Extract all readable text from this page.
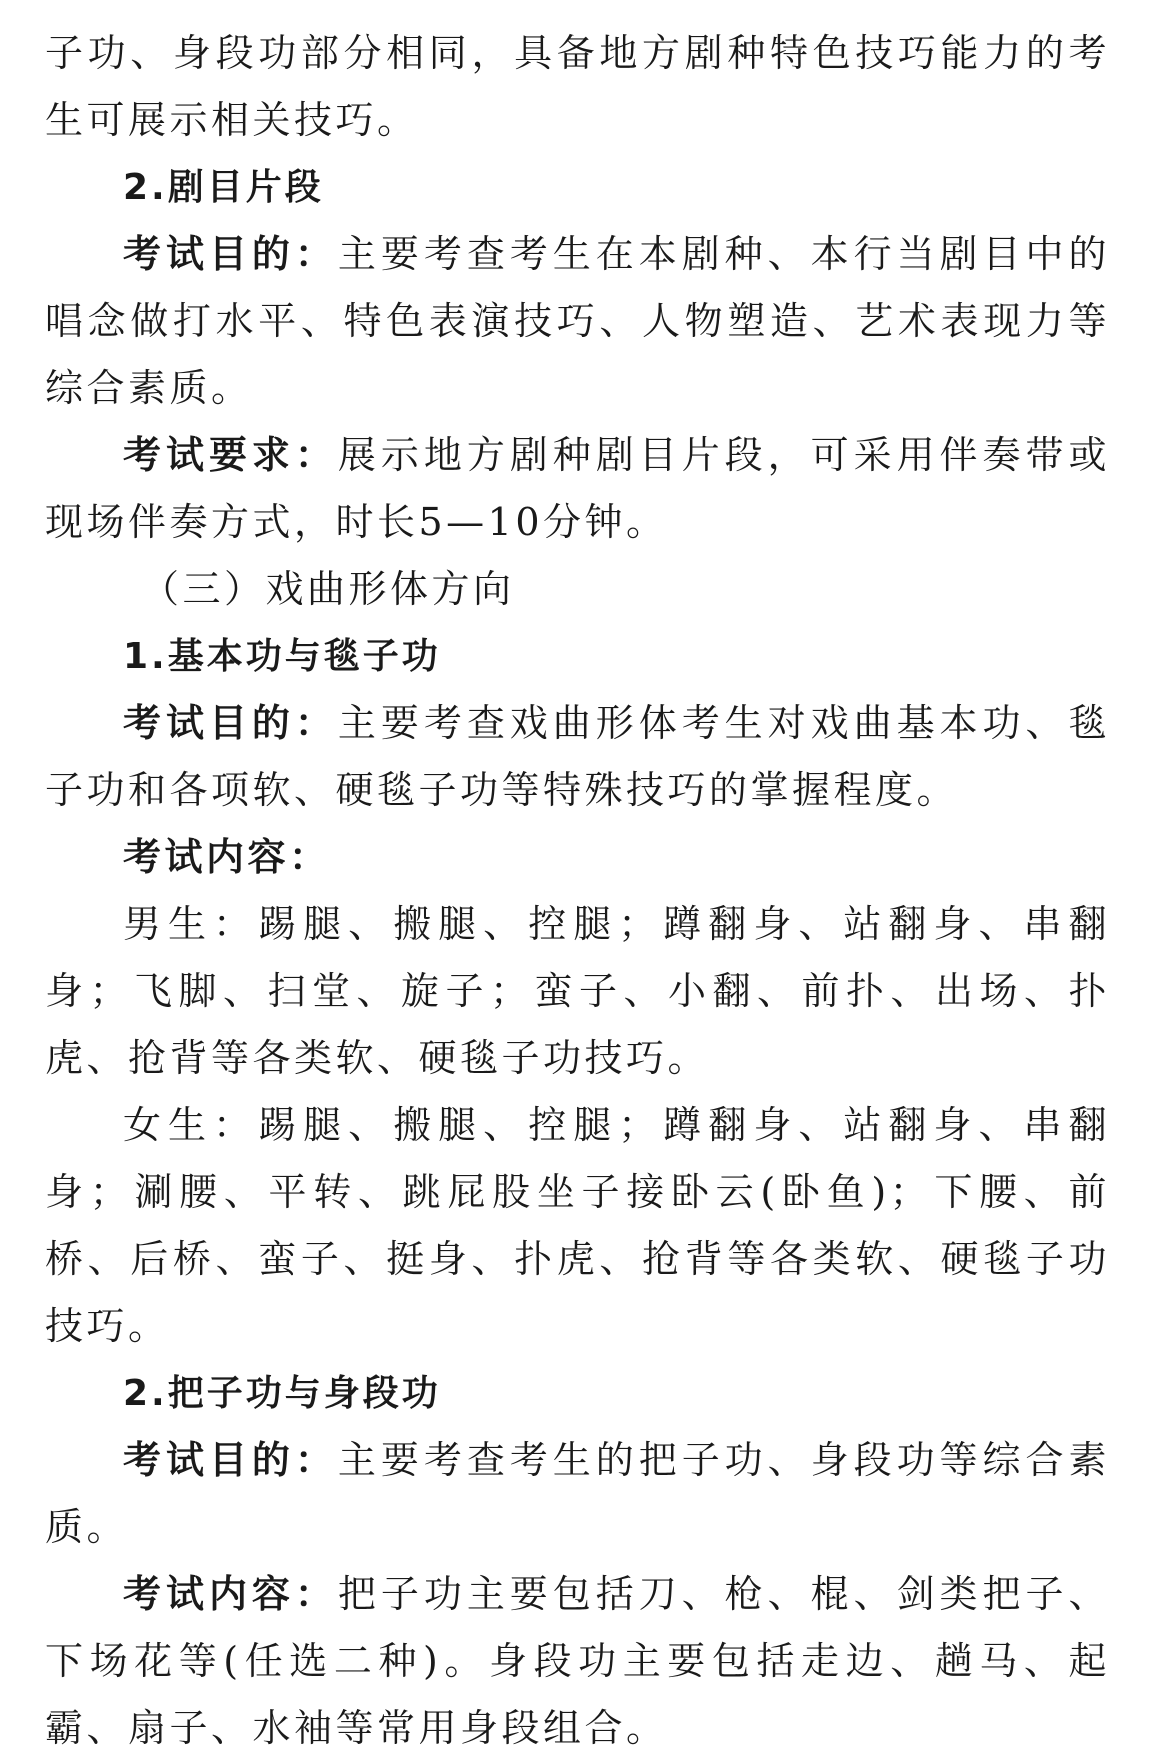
子功、身段功部分相同，具备地方剧种特色技巧能力的考生可展示相关技巧。

2.剧目片段

考试目的：主要考查考生在本剧种、本行当剧目中的唱念做打水平、特色表演技巧、人物塑造、艺术表现力等综合素质。

考试要求：展示地方剧种剧目片段，可采用伴奏带或现场伴奏方式，时长5—10分钟。

（三）戏曲形体方向

1.基本功与毯子功

考试目的：主要考查戏曲形体考生对戏曲基本功、毯子功和各项软、硬毯子功等特殊技巧的掌握程度。

考试内容：

男生：踢腿、搬腿、控腿；蹲翻身、站翻身、串翻身；飞脚、扫堂、旋子；蛮子、小翻、前扑、出场、扑虎、抢背等各类软、硬毯子功技巧。

女生：踢腿、搬腿、控腿；蹲翻身、站翻身、串翻身；涮腰、平转、跳屁股坐子接卧云(卧鱼)；下腰、前桥、后桥、蛮子、挺身、扑虎、抢背等各类软、硬毯子功技巧。

2.把子功与身段功

考试目的：主要考查考生的把子功、身段功等综合素质。

考试内容：把子功主要包括刀、枪、棍、剑类把子、下场花等(任选二种)。身段功主要包括走边、趟马、起霸、扇子、水袖等常用身段组合。
